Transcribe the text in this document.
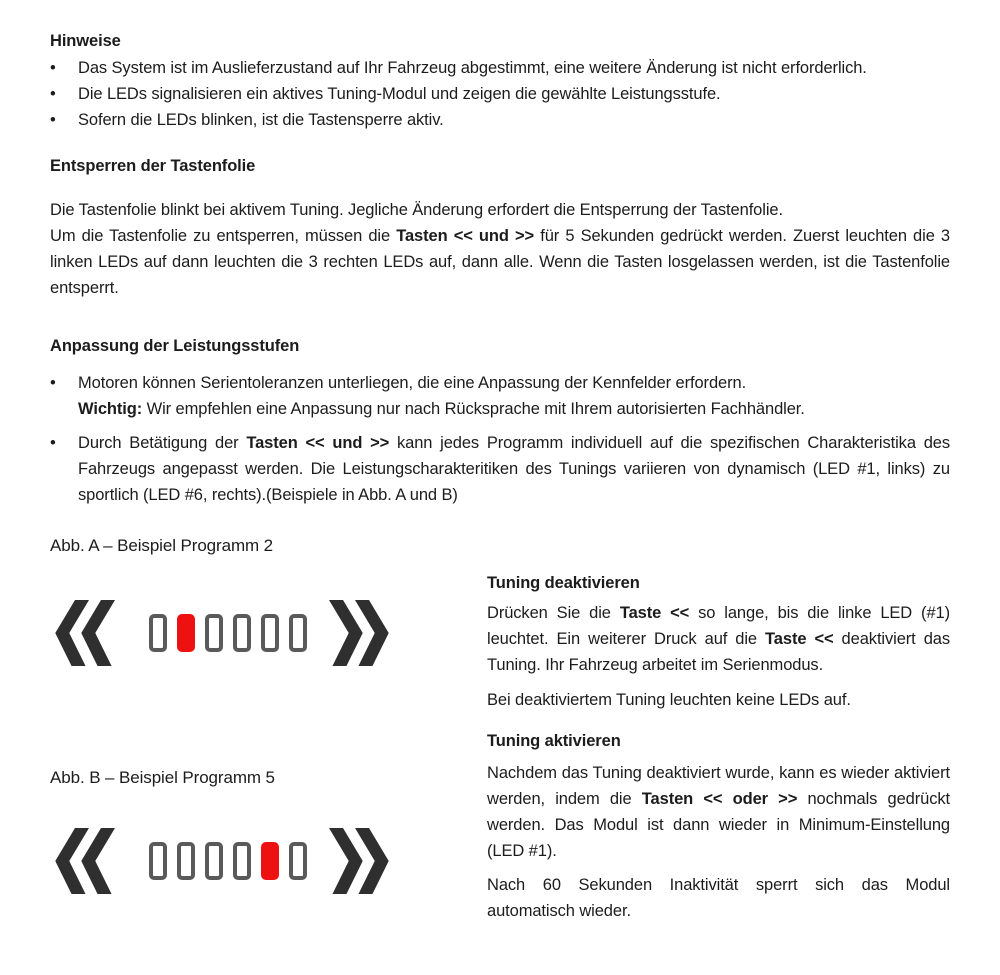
Hinweise
•	Das System ist im Auslieferzustand auf Ihr Fahrzeug abgestimmt, eine weitere Änderung ist nicht erforderlich.
•	Die LEDs signalisieren ein aktives Tuning-Modul und zeigen die gewählte Leistungsstufe.
•	Sofern die LEDs blinken, ist die Tastensperre aktiv.
Entsperren der Tastenfolie
Die Tastenfolie blinkt bei aktivem Tuning. Jegliche Änderung erfordert die Entsperrung der Tastenfolie.
Um die Tastenfolie zu entsperren, müssen die Tasten << und >> für 5 Sekunden gedrückt werden. Zuerst leuchten die 3 linken LEDs auf dann leuchten die 3 rechten LEDs auf, dann alle. Wenn die Tasten losgelassen werden, ist die Tastenfolie entsperrt.
Anpassung der Leistungsstufen
•	Motoren können Serientoleranzen unterliegen, die eine Anpassung der Kennfelder erfordern.
Wichtig: Wir empfehlen eine Anpassung nur nach Rücksprache mit Ihrem autorisierten Fachhändler.
•	Durch Betätigung der Tasten << und >> kann jedes Programm individuell auf die spezifischen Charakteristika des Fahrzeugs angepasst werden. Die Leistungscharakteritiken des Tunings variieren von dynamisch (LED #1, links) zu sportlich (LED #6, rechts).(Beispiele in Abb. A und B)
Abb. A – Beispiel Programm 2
Abb. B – Beispiel Programm 5
Tuning deaktivieren
Drücken Sie die Taste << so lange, bis die linke LED (#1) leuchtet. Ein weiterer Druck auf die Taste << deaktiviert das Tuning. Ihr Fahrzeug arbeitet im Serienmodus.
Bei deaktiviertem Tuning leuchten keine LEDs auf.
Tuning aktivieren
Nachdem das Tuning deaktiviert wurde, kann es wieder aktiviert werden, indem die Tasten << oder >> nochmals gedrückt werden. Das Modul ist dann wieder in Minimum-Einstellung (LED #1).
Nach 60 Sekunden Inaktivität sperrt sich das Modul automatisch wieder.
